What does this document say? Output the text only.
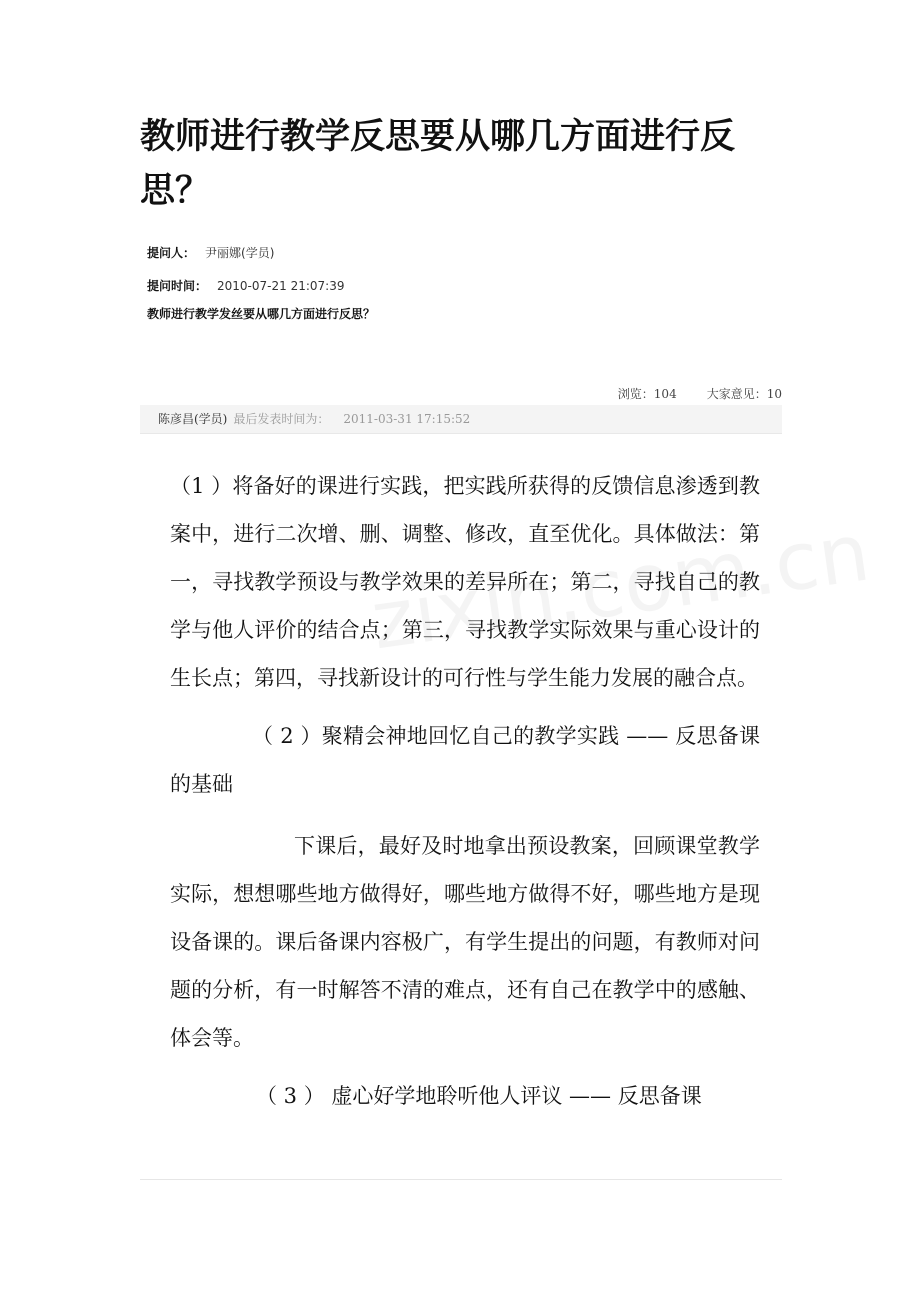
教师进行教学反思要从哪几方面进行反思？
提问人： 尹丽娜(学员)
提问时间： 2010-07-21 21:07:39
教师进行教学发丝要从哪几方面进行反思？
浏览：104	大家意见：10
陈彦昌(学员) 最后发表时间为： 2011-03-31 17:15:52

（1 ）将备好的课进行实践，把实践所获得的反馈信息渗透到教案中，进行二次增、删、调整、修改，直至优化。具体做法：第一，寻找教学预设与教学效果的差异所在；第二，寻找自己的教学与他人评价的结合点；第三，寻找教学实际效果与重心设计的生长点；第四，寻找新设计的可行性与学生能力发展的融合点。

（ 2 ）聚精会神地回忆自己的教学实践 —— 反思备课的基础

下课后，最好及时地拿出预设教案，回顾课堂教学实际，想想哪些地方做得好，哪些地方做得不好，哪些地方是现设备课的。课后备课内容极广，有学生提出的问题，有教师对问题的分析，有一时解答不清的难点，还有自己在教学中的感触、体会等。

（ 3 ） 虚心好学地聆听他人评议 —— 反思备课
